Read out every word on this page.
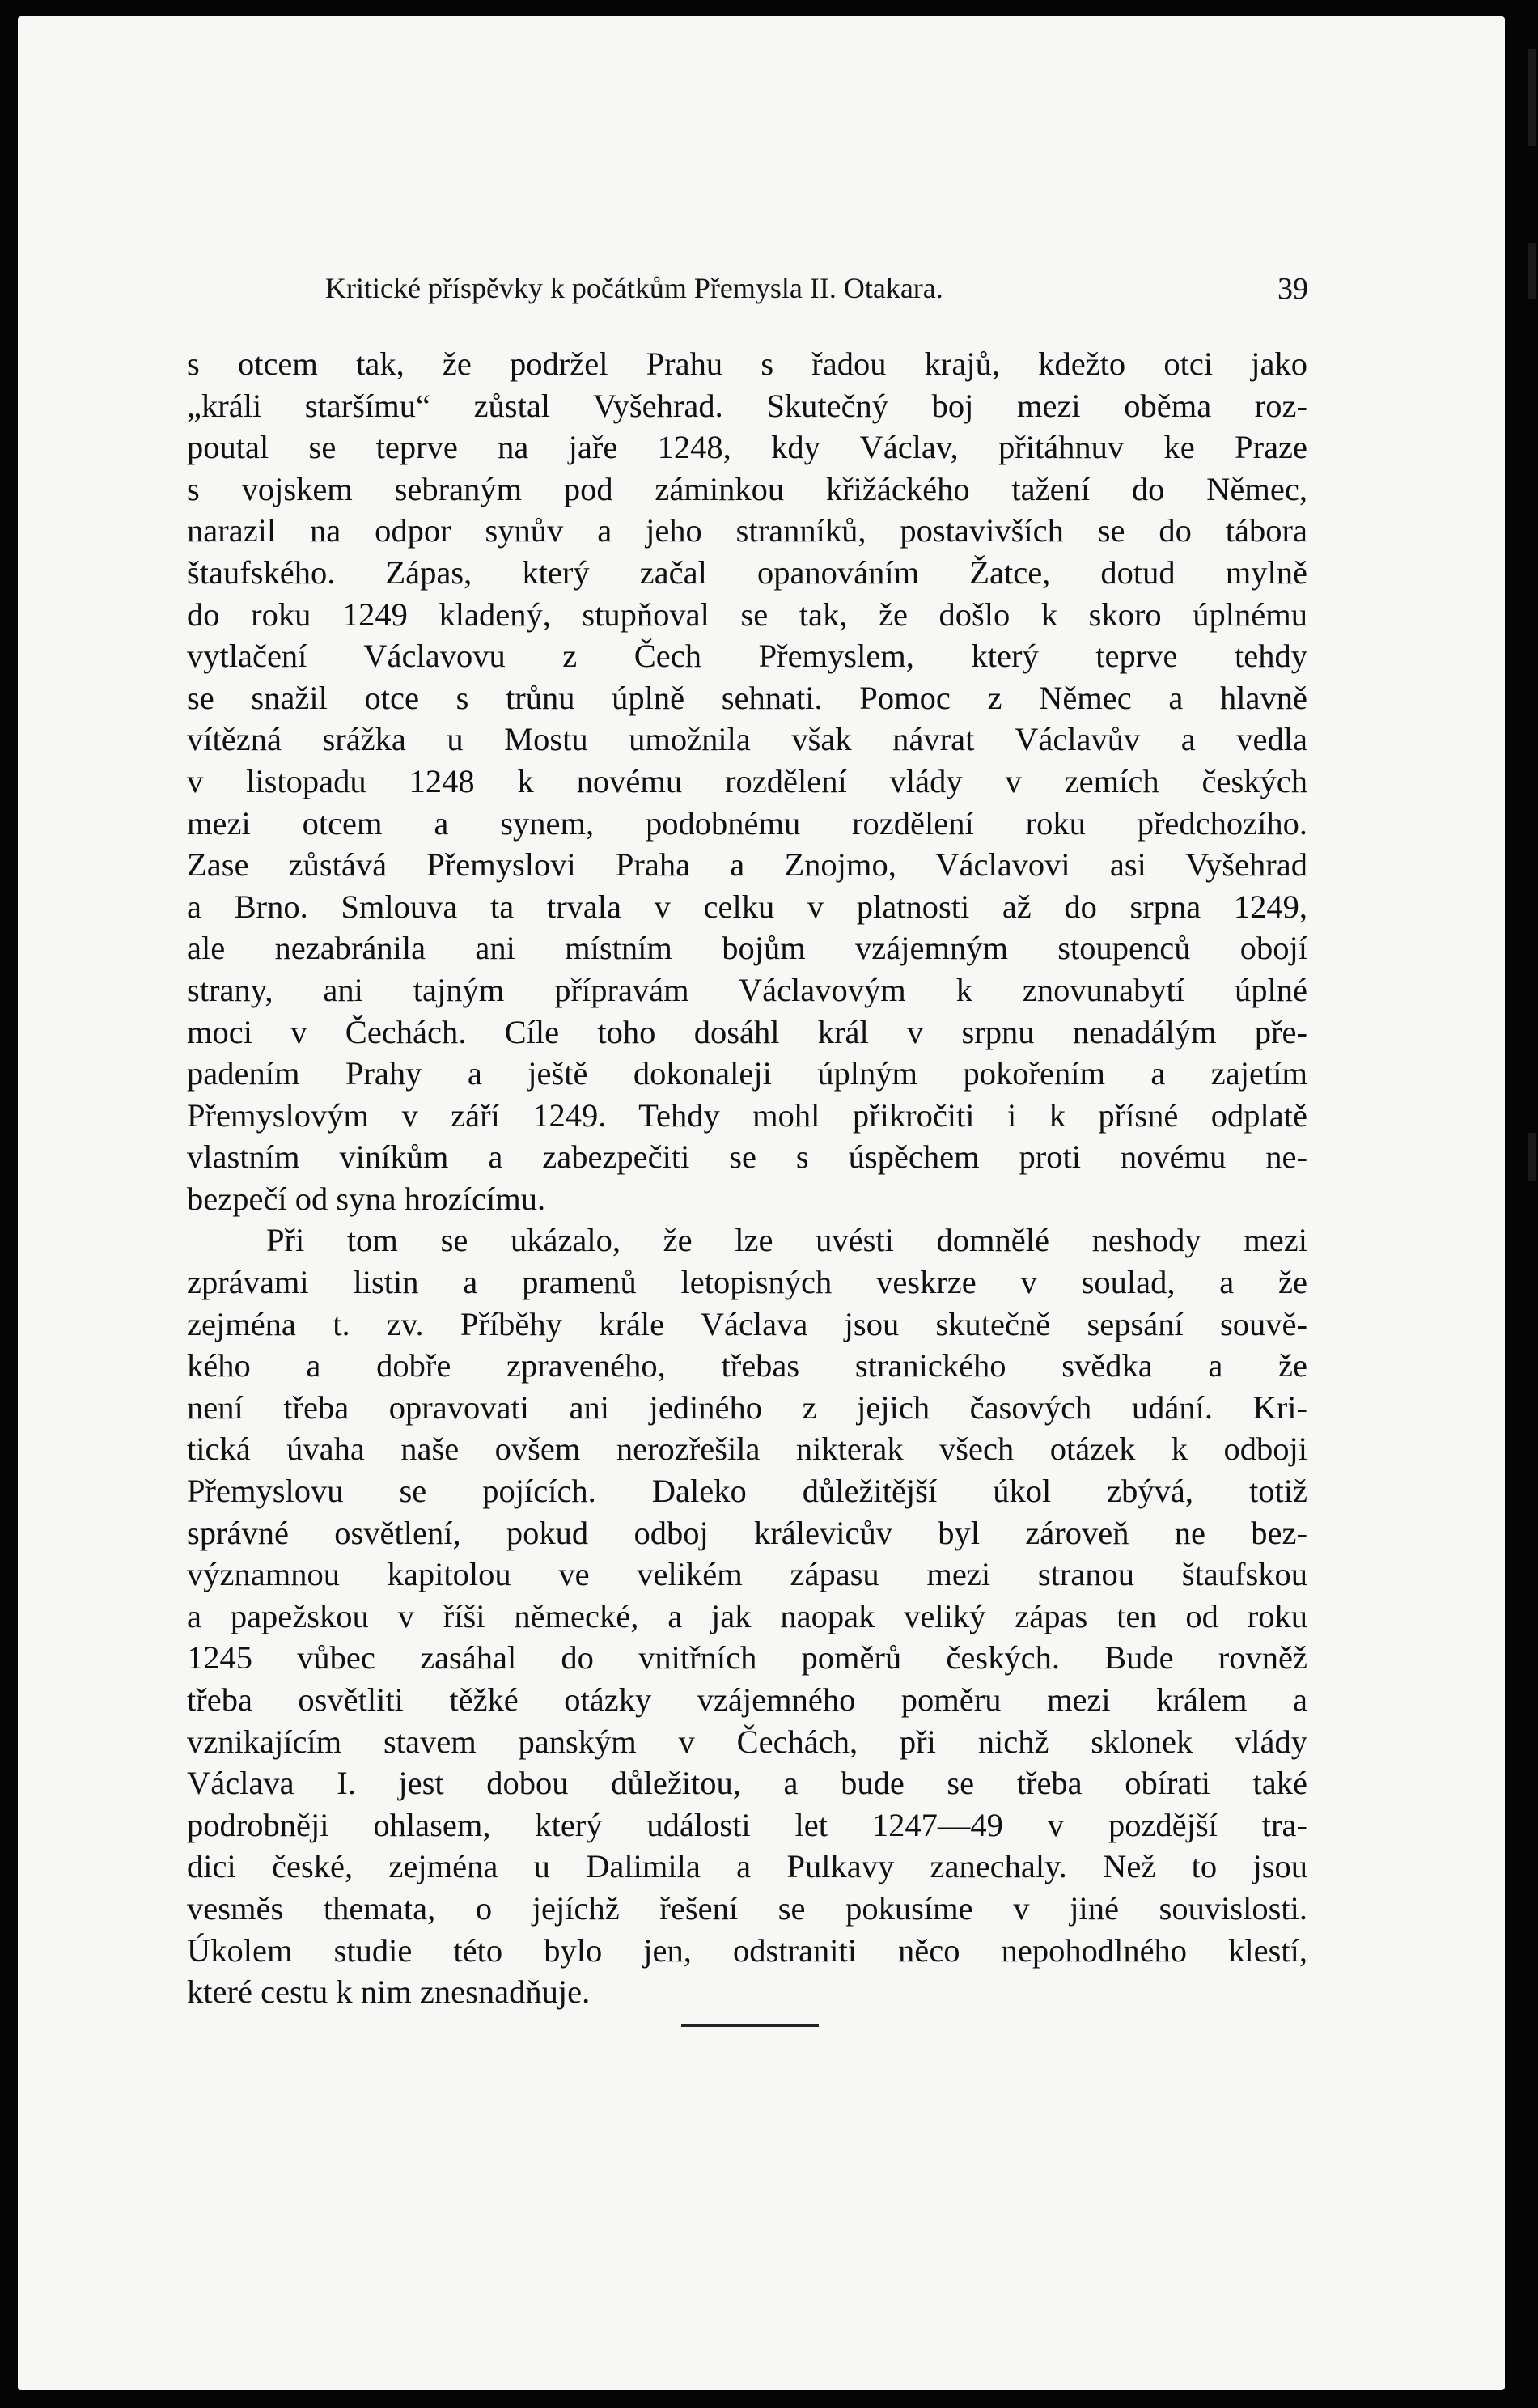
Kritické příspěvky k počátkům Přemysla II. Otakara.	39
s otcem tak, že podržel Prahu s řadou krajů, kdežto otci jako
„králi staršímu“ zůstal Vyšehrad. Skutečný boj mezi oběma roz-
poutal se teprve na jaře 1248, kdy Václav, přitáhnuv ke Praze
s vojskem sebraným pod záminkou křižáckého tažení do Němec,
narazil na odpor synův a jeho stranníků, postavivších se do tábora
štaufského. Zápas, který začal opanováním Žatce, dotud mylně
do roku 1249 kladený, stupňoval se tak, že došlo k skoro úplnému
vytlačení Václavovu z Čech Přemyslem, který teprve tehdy
se snažil otce s trůnu úplně sehnati. Pomoc z Němec a hlavně
vítězná srážka u Mostu umožnila však návrat Václavův a vedla
v listopadu 1248 k novému rozdělení vlády v zemích českých
mezi otcem a synem, podobnému rozdělení roku předchozího.
Zase zůstává Přemyslovi Praha a Znojmo, Václavovi asi Vyšehrad
a Brno. Smlouva ta trvala v celku v platnosti až do srpna 1249,
ale nezabránila ani místním bojům vzájemným stoupenců obojí
strany, ani tajným přípravám Václavovým k znovunabytí úplné
moci v Čechách. Cíle toho dosáhl král v srpnu nenadálým pře-
padením Prahy a ještě dokonaleji úplným pokořením a zajetím
Přemyslovým v září 1249. Tehdy mohl přikročiti i k přísné odplatě
vlastním viníkům a zabezpečiti se s úspěchem proti novému ne-
bezpečí od syna hrozícímu.
Při tom se ukázalo, že lze uvésti domnělé neshody mezi
zprávami listin a pramenů letopisných veskrze v soulad, a že
zejména t. zv. Příběhy krále Václava jsou skutečně sepsání souvě-
kého a dobře zpraveného, třebas stranického svědka a že
není třeba opravovati ani jediného z jejich časových udání. Kri-
tická úvaha naše ovšem nerozřešila nikterak všech otázek k odboji
Přemyslovu se pojících. Daleko důležitější úkol zbývá, totiž
správné osvětlení, pokud odboj králevicův byl zároveň ne bez-
významnou kapitolou ve velikém zápasu mezi stranou štaufskou
a papežskou v říši německé, a jak naopak veliký zápas ten od roku
1245 vůbec zasáhal do vnitřních poměrů českých. Bude rovněž
třeba osvětliti těžké otázky vzájemného poměru mezi králem a
vznikajícím stavem panským v Čechách, při nichž sklonek vlády
Václava I. jest dobou důležitou, a bude se třeba obírati také
podrobněji ohlasem, který události let 1247—49 v pozdější tra-
dici české, zejména u Dalimila a Pulkavy zanechaly. Než to jsou
vesměs themata, o jejíchž řešení se pokusíme v jiné souvislosti.
Úkolem studie této bylo jen, odstraniti něco nepohodlného klestí,
které cestu k nim znesnadňuje.
